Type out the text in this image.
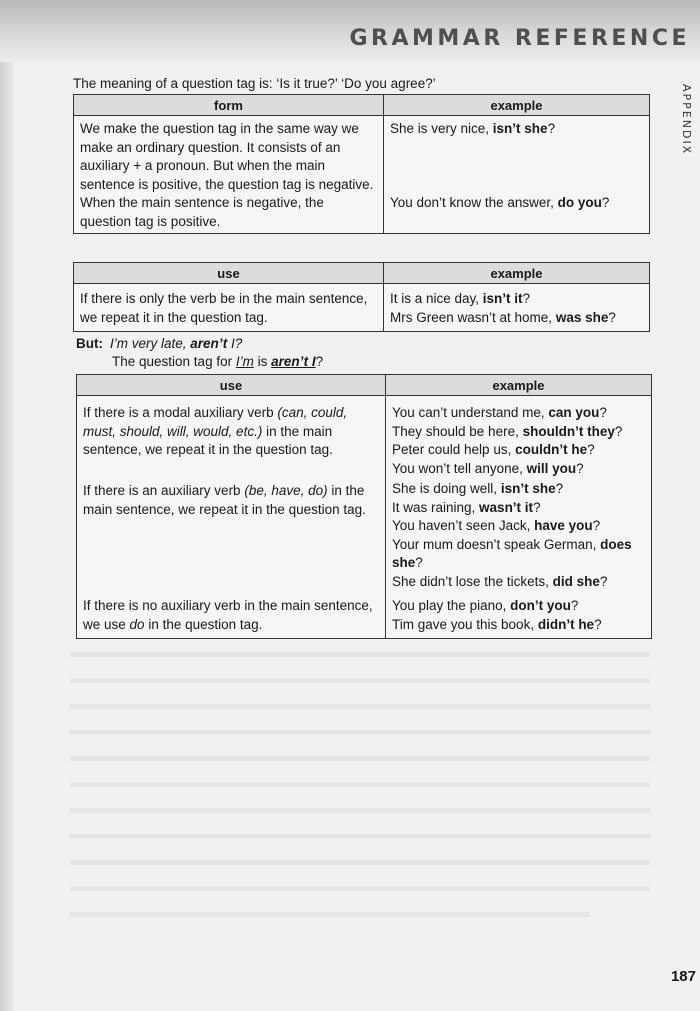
GRAMMAR REFERENCE
APPENDIX
The meaning of a question tag is: ‘Is it true?’ ‘Do you agree?’
form	example

We make the question tag in the same way we make an ordinary question. It consists of an auxiliary + a pronoun. But when the main sentence is positive, the question tag is negative.	She is very nice, isn’t she?

When the main sentence is negative, the question tag is positive.	You don’t know the answer, do you?
use	example

If there is only the verb be in the main sentence, we repeat it in the question tag.	It is a nice day, isn’t it?
Mrs Green wasn’t at home, was she?
But: I’m very late, aren’t I?
The question tag for I’m is aren’t I?
use	example

If there is a modal auxiliary verb (can, could, must, should, will, would, etc.) in the main sentence, we repeat it in the question tag.	You can’t understand me, can you?
They should be here, shouldn’t they?
Peter could help us, couldn’t he?
You won’t tell anyone, will you?

If there is an auxiliary verb (be, have, do) in the main sentence, we repeat it in the question tag.	She is doing well, isn’t she?
It was raining, wasn’t it?
You haven’t seen Jack, have you?
Your mum doesn’t speak German, does she?
She didn’t lose the tickets, did she?

If there is no auxiliary verb in the main sentence, we use do in the question tag.	You play the piano, don’t you?
Tim gave you this book, didn’t he?
187
